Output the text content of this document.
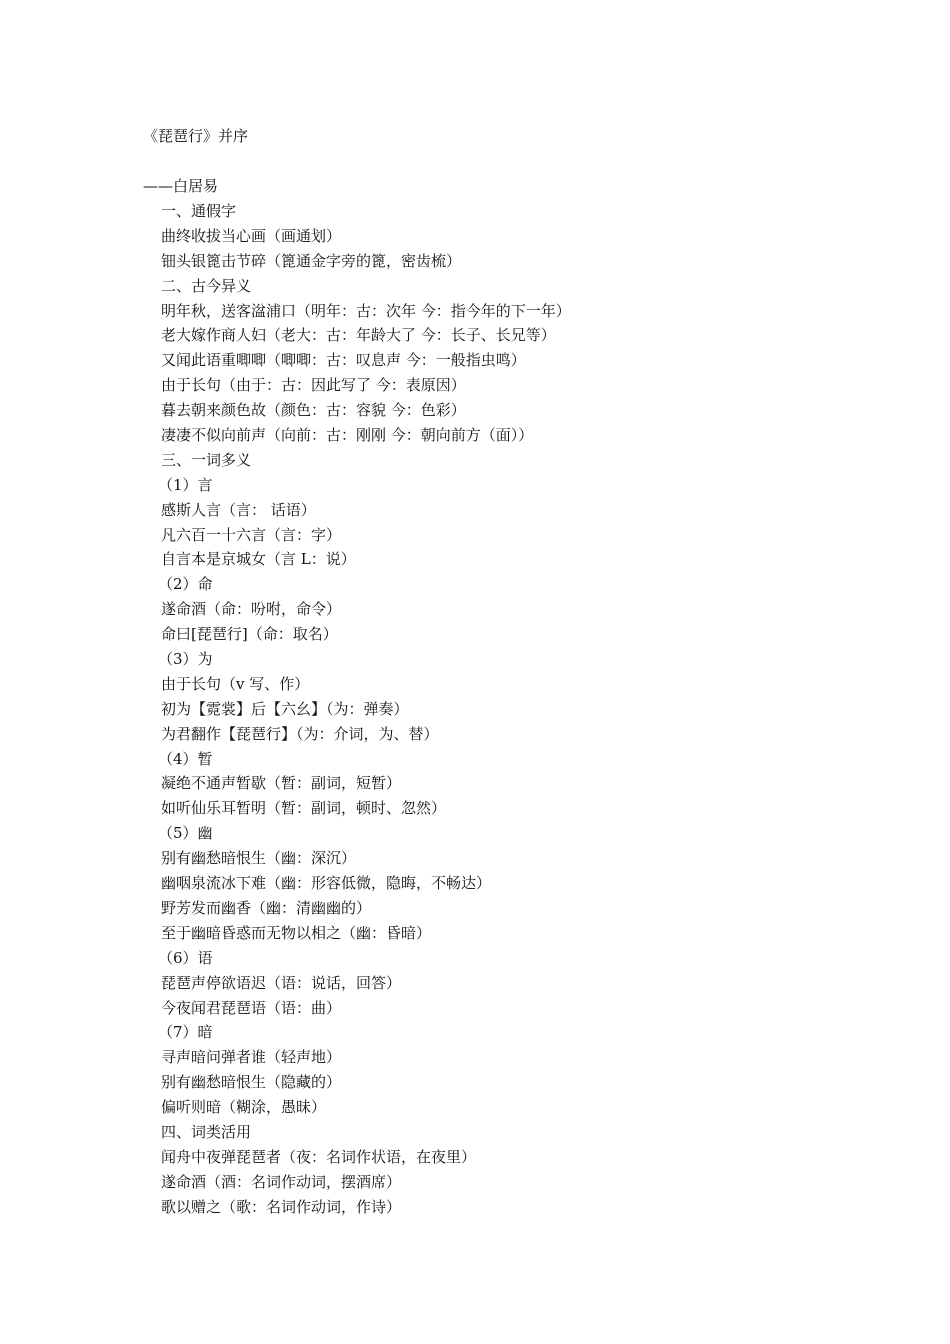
《琵琶行》并序
——白居易
一、通假字
曲终收拔当心画（画通划）
钿头银篦击节碎（篦通金字旁的篦，密齿梳）
二、古今异义
明年秋，送客湓浦口（明年：古：次年 今：指今年的下一年）
老大嫁作商人妇（老大：古：年龄大了 今：长子、长兄等）
又闻此语重唧唧（唧唧：古：叹息声 今：一般指虫鸣）
由于长句（由于：古：因此写了 今：表原因）
暮去朝来颜色故（颜色：古：容貌 今：色彩）
凄凄不似向前声（向前：古：刚刚 今：朝向前方（面））
三、一词多义
（1）言
感斯人言（言： 话语）
凡六百一十六言（言：字）
自言本是京城女（言 L：说）
（2）命
遂命酒（命：吩咐，命令）
命曰[琵琶行]（命：取名）
（3）为
由于长句（v 写、作）
初为【霓裳】后【六幺】（为：弹奏）
为君翻作【琵琶行】（为：介词，为、替）
（4）暂
凝绝不通声暂歇（暂：副词，短暂）
如听仙乐耳暂明（暂：副词，顿时、忽然）
（5）幽
别有幽愁暗恨生（幽：深沉）
幽咽泉流冰下难（幽：形容低微，隐晦，不畅达）
野芳发而幽香（幽：清幽幽的）
至于幽暗昏惑而无物以相之（幽：昏暗）
（6）语
琵琶声停欲语迟（语：说话，回答）
今夜闻君琵琶语（语：曲）
（7）暗
寻声暗问弹者谁（轻声地）
别有幽愁暗恨生（隐藏的）
偏听则暗（糊涂，愚昧）
四、词类活用
闻舟中夜弹琵琶者（夜：名词作状语，在夜里）
遂命酒（酒：名词作动词，摆酒席）
歌以赠之（歌：名词作动词，作诗）
